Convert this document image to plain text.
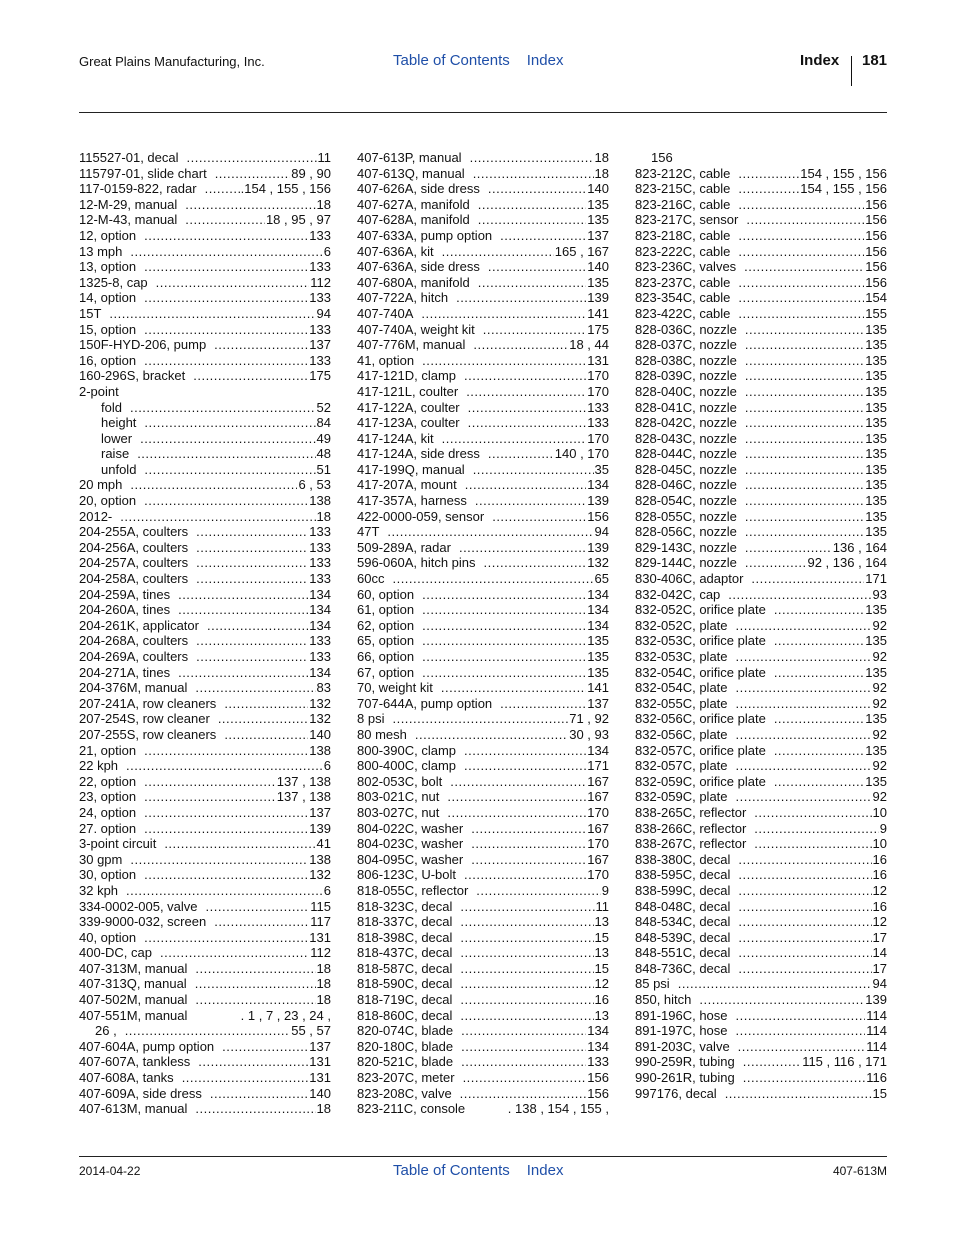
Great Plains Manufacturing, Inc.	Table of Contents Index	Index 181
115527-01, decal .....	11
115797-01, slide chart .....	89 , 90
117-0159-822, radar .....	.154 , 155 , 156
12-M-29, manual .....	18
12-M-43, manual .....	18 , 95 , 97
12, option .....	133
13 mph .....	6
13, option .....	133
1325-8, cap .....	112
14, option .....	133
15T .....	94
15, option .....	133
150F-HYD-206, pump .....	137
16, option .....	133
160-296S, bracket .....	175
2-point
fold .....	52
height .....	84
lower .....	49
raise .....	48
unfold .....	51
20 mph .....	6 , 53
20, option .....	138
2012- .....	18
204-255A, coulters .....	133
204-256A, coulters .....	133
204-257A, coulters .....	133
204-258A, coulters .....	133
204-259A, tines .....	134
204-260A, tines .....	134
204-261K, applicator .....	134
204-268A, coulters .....	133
204-269A, coulters .....	133
204-271A, tines .....	134
204-376M, manual .....	83
207-241A, row cleaners .....	132
207-254S, row cleaner .....	132
207-255S, row cleaners .....	140
21, option .....	138
22 kph .....	6
22, option .....	137 , 138
23, option .....	137 , 138
24, option .....	137
27. option .....	139
3-point circuit .....	41
30 gpm .....	138
30, option .....	132
32 kph .....	6
334-0002-005, valve .....	115
339-9000-032, screen .....	117
40, option .....	131
400-DC, cap .....	112
407-313M, manual .....	18
407-313Q, manual .....	18
407-502M, manual .....	18
407-551M, manual	. 1 , 7 , 23 , 24 ,
26 , .....	55 , 57
407-604A, pump option .....	137
407-607A, tankless .....	131
407-608A, tanks .....	131
407-609A, side dress .....	140
407-613M, manual .....	18
407-613P, manual .....	18
407-613Q, manual .....	18
407-626A, side dress .....	140
407-627A, manifold .....	135
407-628A, manifold .....	135
407-633A, pump option .....	137
407-636A, kit .....	165 , 167
407-636A, side dress .....	140
407-680A, manifold .....	135
407-722A, hitch .....	139
407-740A .....	141
407-740A, weight kit .....	175
407-776M, manual .....	18 , 44
41, option .....	131
417-121D, clamp .....	170
417-121L, coulter .....	170
417-122A, coulter .....	133
417-123A, coulter .....	133
417-124A, kit .....	170
417-124A, side dress .....	140 , 170
417-199Q, manual .....	35
417-207A, mount .....	134
417-357A, harness .....	139
422-0000-059, sensor .....	156
47T .....	94
509-289A, radar .....	139
596-060A, hitch pins .....	132
60cc .....	65
60, option .....	134
61, option .....	134
62, option .....	134
65, option .....	135
66, option .....	135
67, option .....	135
70, weight kit .....	141
707-644A, pump option .....	137
8 psi .....	71 , 92
80 mesh .....	30 , 93
800-390C, clamp .....	134
800-400C, clamp .....	171
802-053C, bolt .....	167
803-021C, nut .....	167
803-027C, nut .....	170
804-022C, washer .....	167
804-023C, washer .....	170
804-095C, washer .....	167
806-123C, U-bolt .....	170
818-055C, reflector .....	9
818-323C, decal .....	11
818-337C, decal .....	13
818-398C, decal .....	15
818-437C, decal .....	13
818-587C, decal .....	15
818-590C, decal .....	12
818-719C, decal .....	16
818-860C, decal .....	13
820-074C, blade .....	134
820-180C, blade .....	134
820-521C, blade .....	133
823-207C, meter .....	156
823-208C, valve .....	156
823-211C, console	. 138 , 154 , 155 ,
156
823-212C, cable .....	154 , 155 , 156
823-215C, cable .....	154 , 155 , 156
823-216C, cable .....	156
823-217C, sensor .....	156
823-218C, cable .....	156
823-222C, cable .....	156
823-236C, valves .....	156
823-237C, cable .....	156
823-354C, cable .....	154
823-422C, cable .....	155
828-036C, nozzle .....	135
828-037C, nozzle .....	135
828-038C, nozzle .....	135
828-039C, nozzle .....	135
828-040C, nozzle .....	135
828-041C, nozzle .....	135
828-042C, nozzle .....	135
828-043C, nozzle .....	135
828-044C, nozzle .....	135
828-045C, nozzle .....	135
828-046C, nozzle .....	135
828-054C, nozzle .....	135
828-055C, nozzle .....	135
828-056C, nozzle .....	135
829-143C, nozzle .....	136 , 164
829-144C, nozzle .....	92 , 136 , 164
830-406C, adaptor .....	171
832-042C, cap .....	93
832-052C, orifice plate .....	135
832-052C, plate .....	92
832-053C, orifice plate .....	135
832-053C, plate .....	92
832-054C, orifice plate .....	135
832-054C, plate .....	92
832-055C, plate .....	92
832-056C, orifice plate .....	135
832-056C, plate .....	92
832-057C, orifice plate .....	135
832-057C, plate .....	92
832-059C, orifice plate .....	135
832-059C, plate .....	92
838-265C, reflector .....	10
838-266C, reflector .....	9
838-267C, reflector .....	10
838-380C, decal .....	16
838-595C, decal .....	16
838-599C, decal .....	12
848-048C, decal .....	16
848-534C, decal .....	12
848-539C, decal .....	17
848-551C, decal .....	14
848-736C, decal .....	17
85 psi .....	94
850, hitch .....	139
891-196C, hose .....	114
891-197C, hose .....	114
891-203C, valve .....	114
990-259R, tubing .....	115 , 116 , 171
990-261R, tubing .....	116
997176, decal .....	15
2014-04-22	Table of Contents Index	407-613M
